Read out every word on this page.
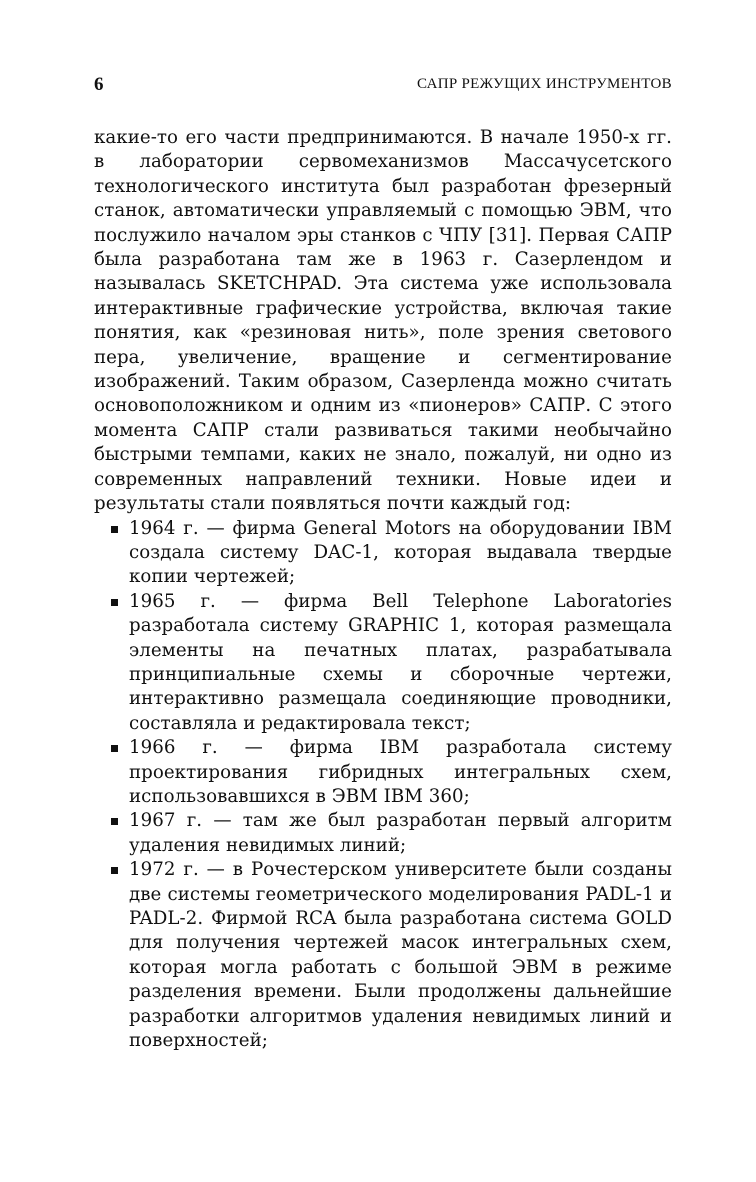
6	САПР РЕЖУЩИХ ИНСТРУМЕНТОВ

какие-то его части предпринимаются. В начале 1950-х гг. в лаборатории сервомеханизмов Массачусетского технологического института был разработан фрезерный станок, автоматически управляемый с помощью ЭВМ, что послужило началом эры станков с ЧПУ [31]. Первая САПР была разработана там же в 1963 г. Сазерлендом и называлась SKETCHPAD. Эта система уже использовала интерактивные графические устройства, включая такие понятия, как «резиновая нить», поле зрения светового пера, увеличение, вращение и сегментирование изображений. Таким образом, Сазерленда можно считать основоположником и одним из «пионеров» САПР. С этого момента САПР стали развиваться такими необычайно быстрыми темпами, каких не знало, пожалуй, ни одно из современных направлений техники. Новые идеи и результаты стали появляться почти каждый год:

1964 г. — фирма General Motors на оборудовании IBM создала систему DAC-1, которая выдавала твердые копии чертежей;
1965 г. — фирма Bell Telephone Laboratories разработала систему GRAPHIC 1, которая размещала элементы на печатных платах, разрабатывала принципиальные схемы и сборочные чертежи, интерактивно размещала соединяющие проводники, составляла и редактировала текст;
1966 г. — фирма IBM разработала систему проектирования гибридных интегральных схем, использовавшихся в ЭВМ IBM 360;
1967 г. — там же был разработан первый алгоритм удаления невидимых линий;
1972 г. — в Рочестерском университете были созданы две системы геометрического моделирования PADL-1 и PADL-2. Фирмой RCA была разработана система GOLD для получения чертежей масок интегральных схем, которая могла работать с большой ЭВМ в режиме разделения времени. Были продолжены дальнейшие разработки алгоритмов удаления невидимых линий и поверхностей;
